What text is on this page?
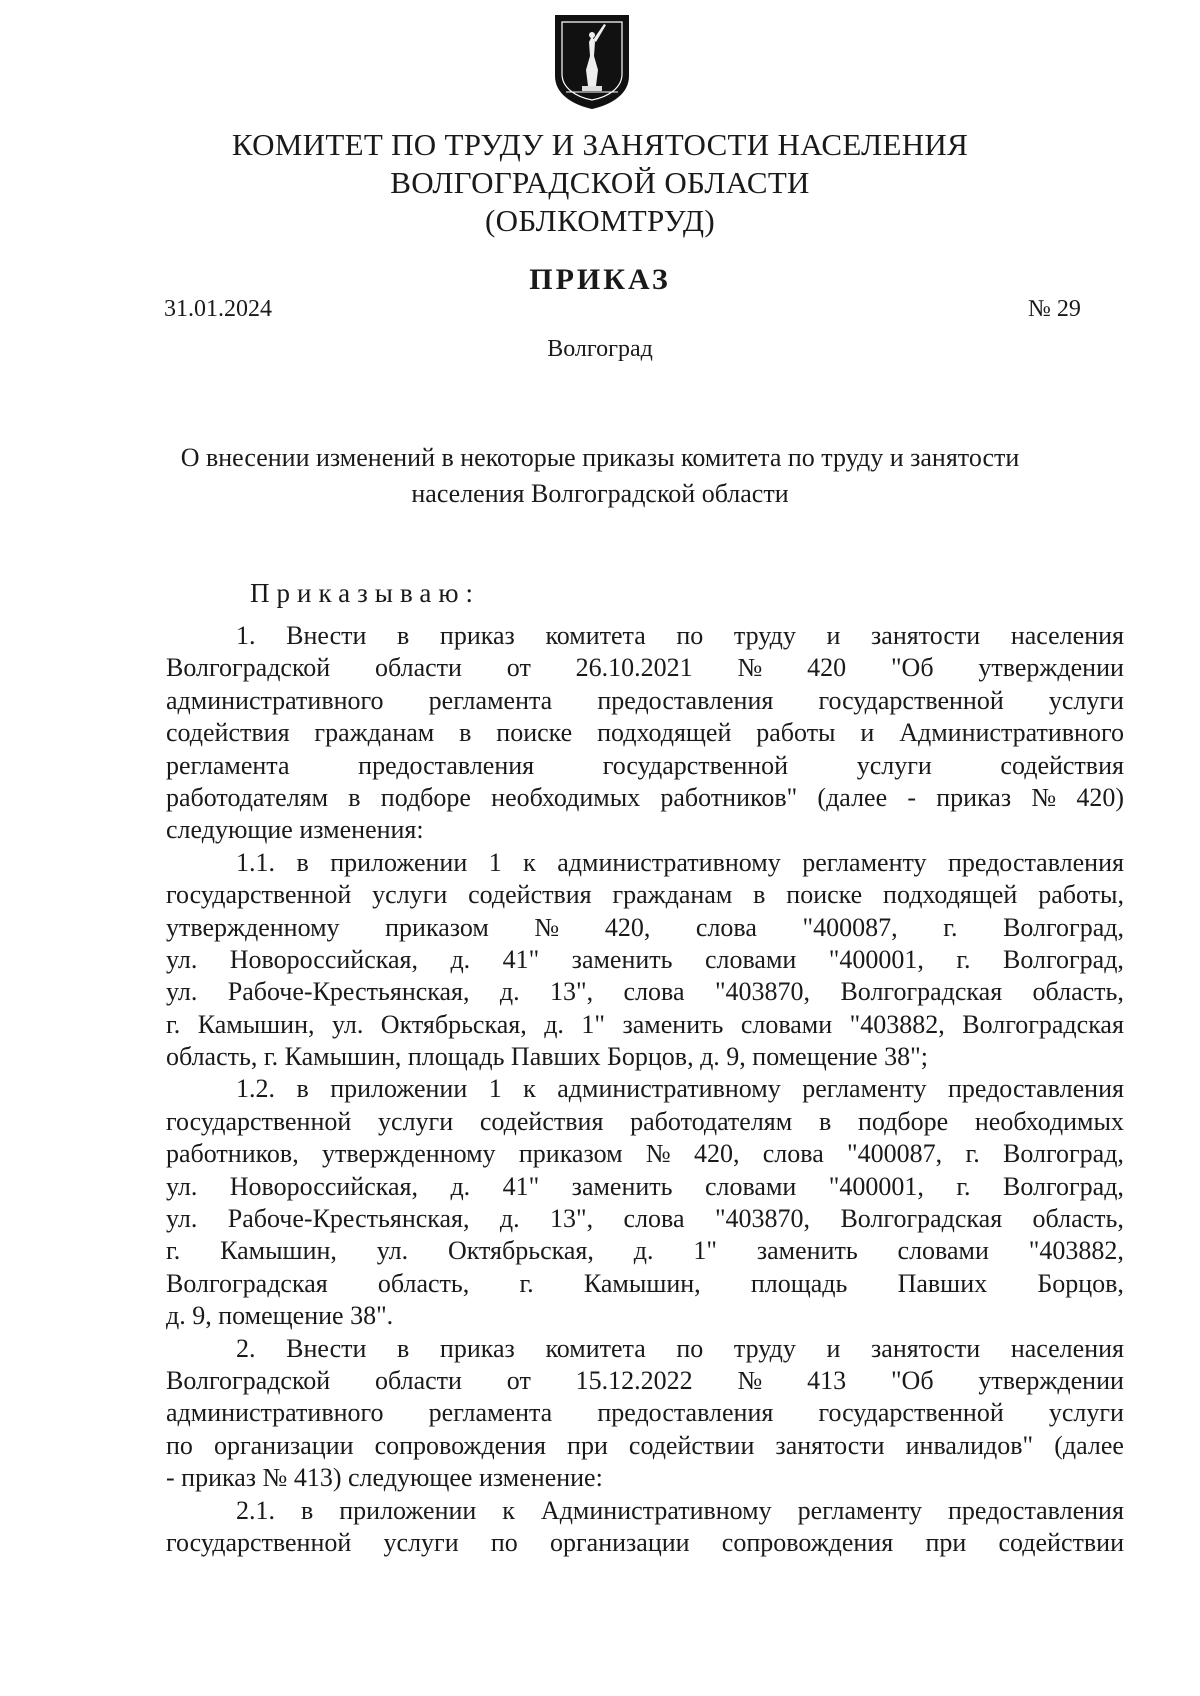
КОМИТЕТ ПО ТРУДУ И ЗАНЯТОСТИ НАСЕЛЕНИЯ
ВОЛГОГРАДСКОЙ ОБЛАСТИ
(ОБЛКОМТРУД)
ПРИКАЗ
31.01.2024	№ 29
Волгоград
О внесении изменений в некоторые приказы комитета по труду и занятости
населения Волгоградской области
Приказываю:
1. Внести в приказ комитета по труду и занятости населения
Волгоградской области от 26.10.2021 № 420 "Об утверждении
административного регламента предоставления государственной услуги
содействия гражданам в поиске подходящей работы и Административного
регламента	предоставления	государственной	услуги	содействия
работодателям в подборе необходимых работников" (далее - приказ № 420)
следующие изменения:
1.1. в приложении 1 к административному регламенту предоставления
государственной услуги содействия гражданам в поиске подходящей работы,
утвержденному приказом № 420, слова "400087, г. Волгоград,
ул. Новороссийская, д. 41" заменить словами "400001, г. Волгоград,
ул. Рабоче-Крестьянская, д. 13", слова "403870, Волгоградская область,
г. Камышин, ул. Октябрьская, д. 1" заменить словами "403882, Волгоградская
область, г. Камышин, площадь Павших Борцов, д. 9, помещение 38";
1.2. в приложении 1 к административному регламенту предоставления
государственной услуги содействия работодателям в подборе необходимых
работников, утвержденному приказом № 420, слова "400087, г. Волгоград,
ул. Новороссийская, д. 41" заменить словами "400001, г. Волгоград,
ул. Рабоче-Крестьянская, д. 13", слова "403870, Волгоградская область,
г. Камышин, ул. Октябрьская, д. 1" заменить словами "403882,
Волгоградская область, г. Камышин, площадь Павших Борцов,
д. 9, помещение 38".
2. Внести в приказ комитета по труду и занятости населения
Волгоградской области от 15.12.2022 № 413 "Об утверждении
административного регламента предоставления государственной услуги
по организации сопровождения при содействии занятости инвалидов" (далее
- приказ № 413) следующее изменение:
2.1. в приложении к Административному регламенту предоставления
государственной услуги по организации сопровождения при содействии
